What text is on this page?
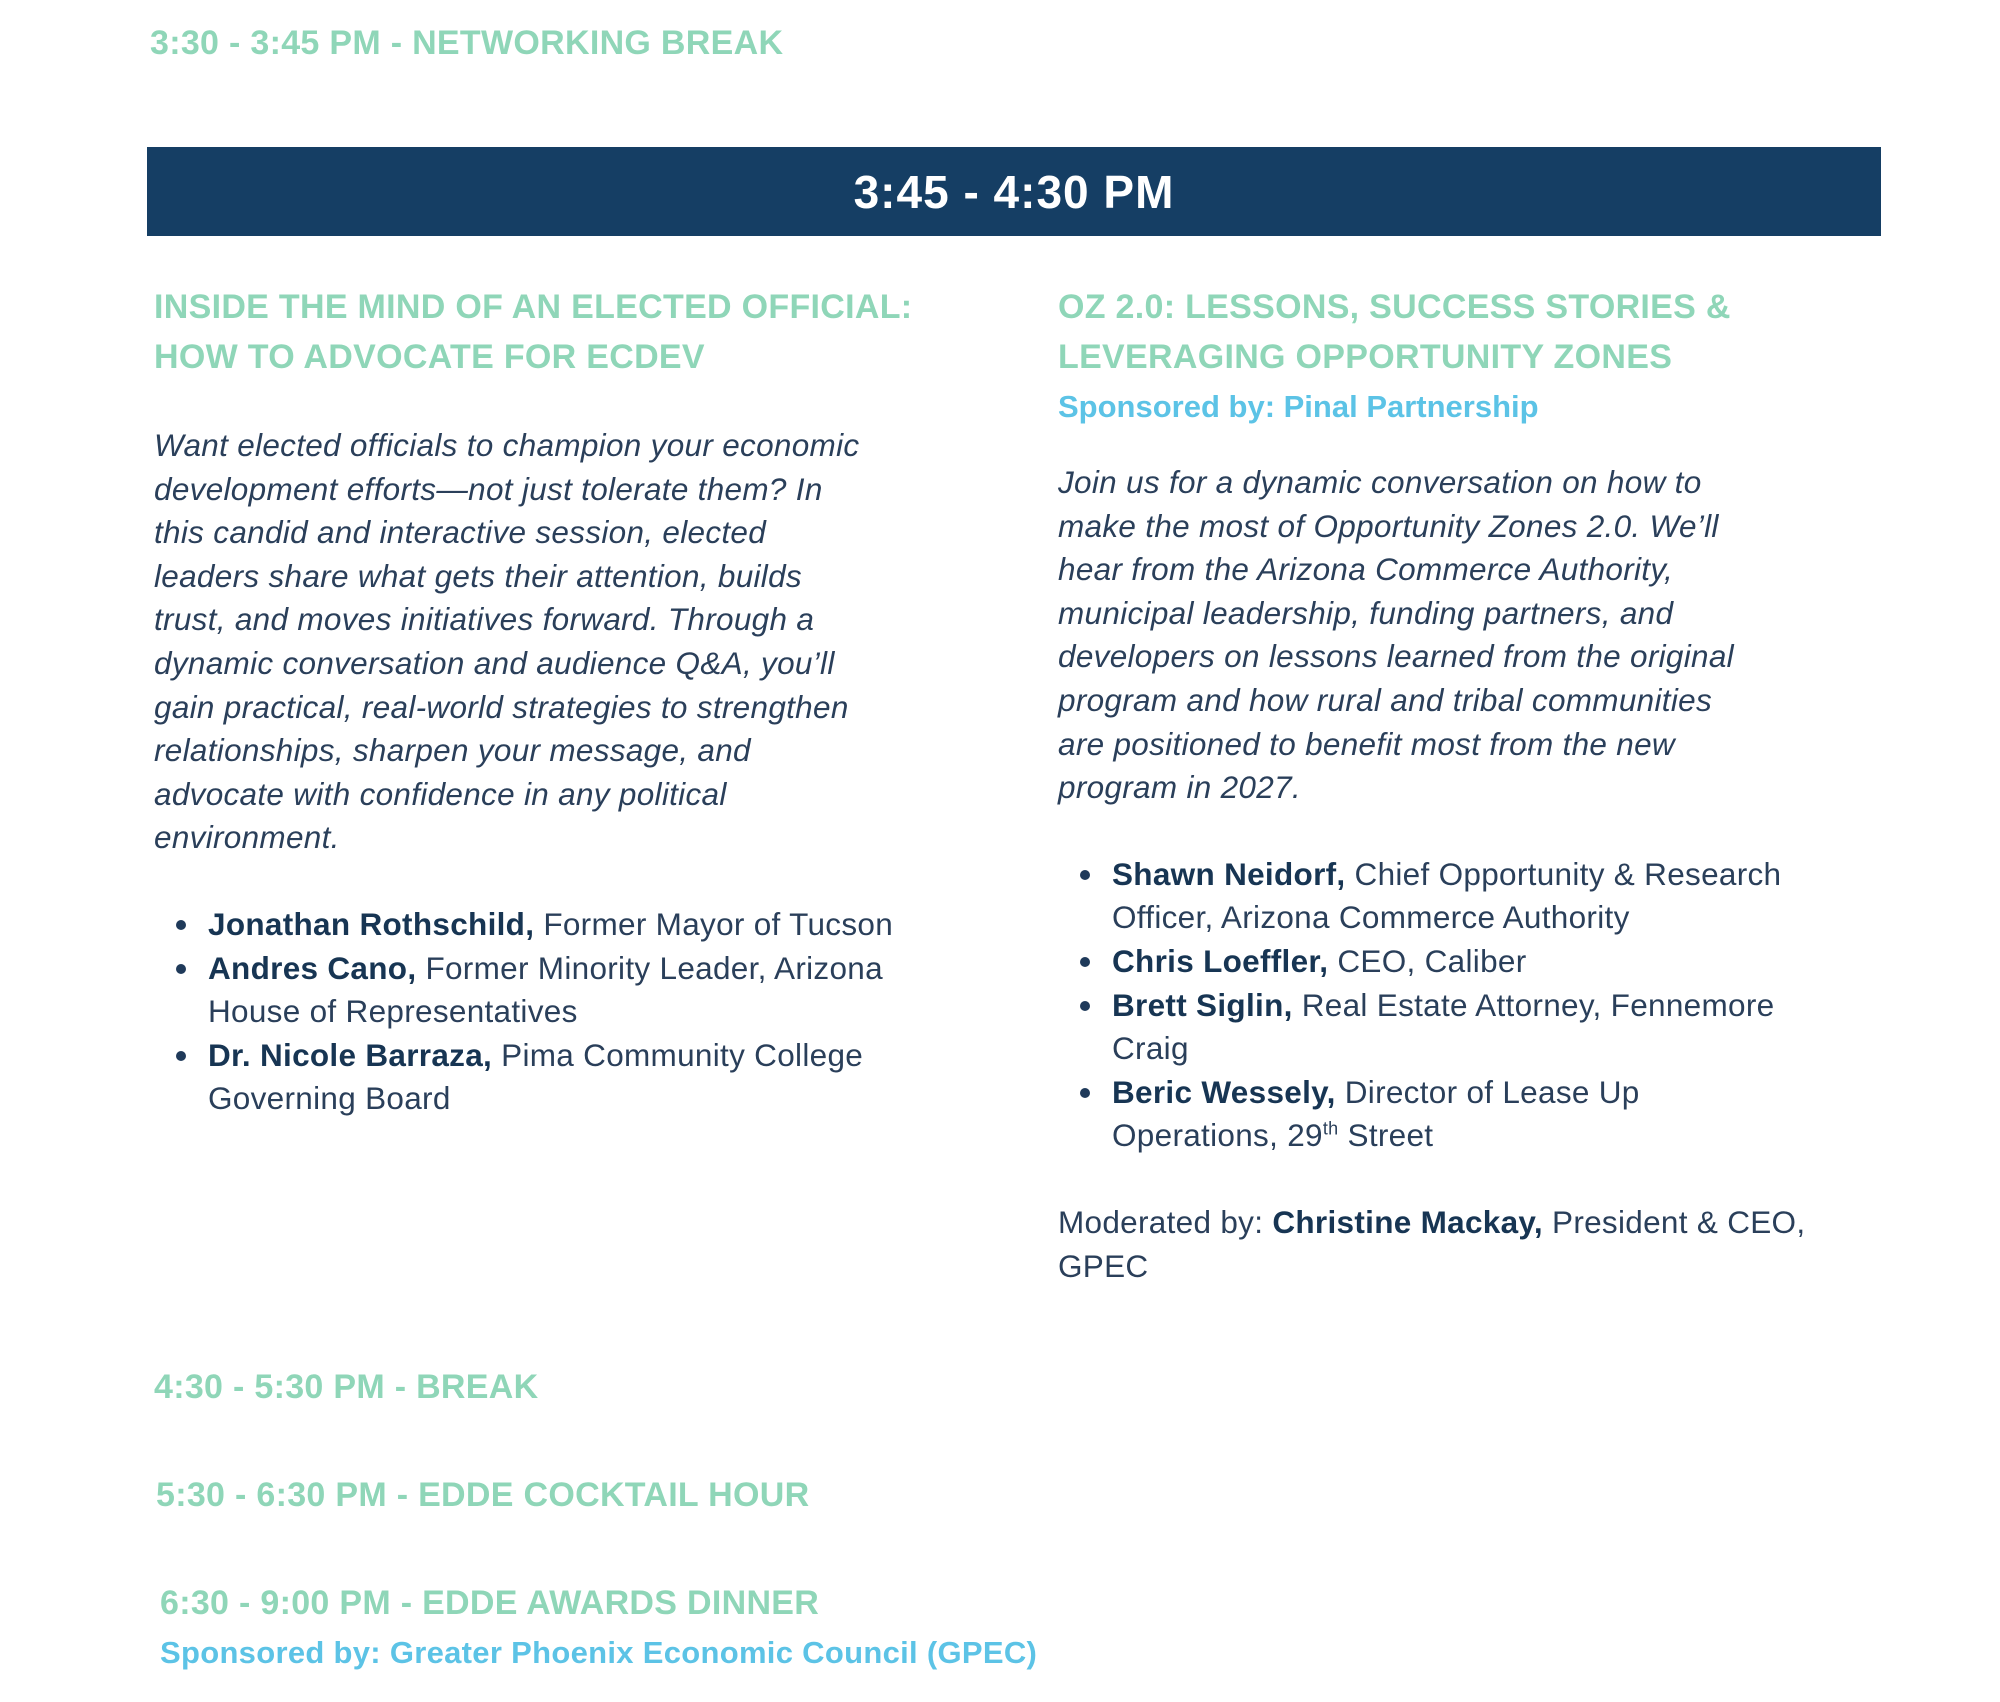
3:30 - 3:45 PM - NETWORKING BREAK
3:45 - 4:30 PM

INSIDE THE MIND OF AN ELECTED OFFICIAL:
HOW TO ADVOCATE FOR ECDEV

Want elected officials to champion your economic
development efforts—not just tolerate them? In
this candid and interactive session, elected
leaders share what gets their attention, builds
trust, and moves initiatives forward. Through a
dynamic conversation and audience Q&A, you’ll
gain practical, real-world strategies to strengthen
relationships, sharpen your message, and
advocate with confidence in any political
environment.

Jonathan Rothschild, Former Mayor of Tucson
Andres Cano, Former Minority Leader, Arizona
House of Representatives
Dr. Nicole Barraza, Pima Community College
Governing Board

OZ 2.0: LESSONS, SUCCESS STORIES &
LEVERAGING OPPORTUNITY ZONES

Sponsored by: Pinal Partnership

Join us for a dynamic conversation on how to
make the most of Opportunity Zones 2.0. We’ll
hear from the Arizona Commerce Authority,
municipal leadership, funding partners, and
developers on lessons learned from the original
program and how rural and tribal communities
are positioned to benefit most from the new
program in 2027.

Shawn Neidorf, Chief Opportunity & Research
Officer, Arizona Commerce Authority
Chris Loeffler, CEO, Caliber
Brett Siglin, Real Estate Attorney, Fennemore
Craig
Beric Wessely, Director of Lease Up
Operations, 29th Street

Moderated by: Christine Mackay, President & CEO,
GPEC

4:30 - 5:30 PM - BREAK
5:30 - 6:30 PM - EDDE COCKTAIL HOUR
6:30 - 9:00 PM - EDDE AWARDS DINNER
Sponsored by: Greater Phoenix Economic Council (GPEC)
